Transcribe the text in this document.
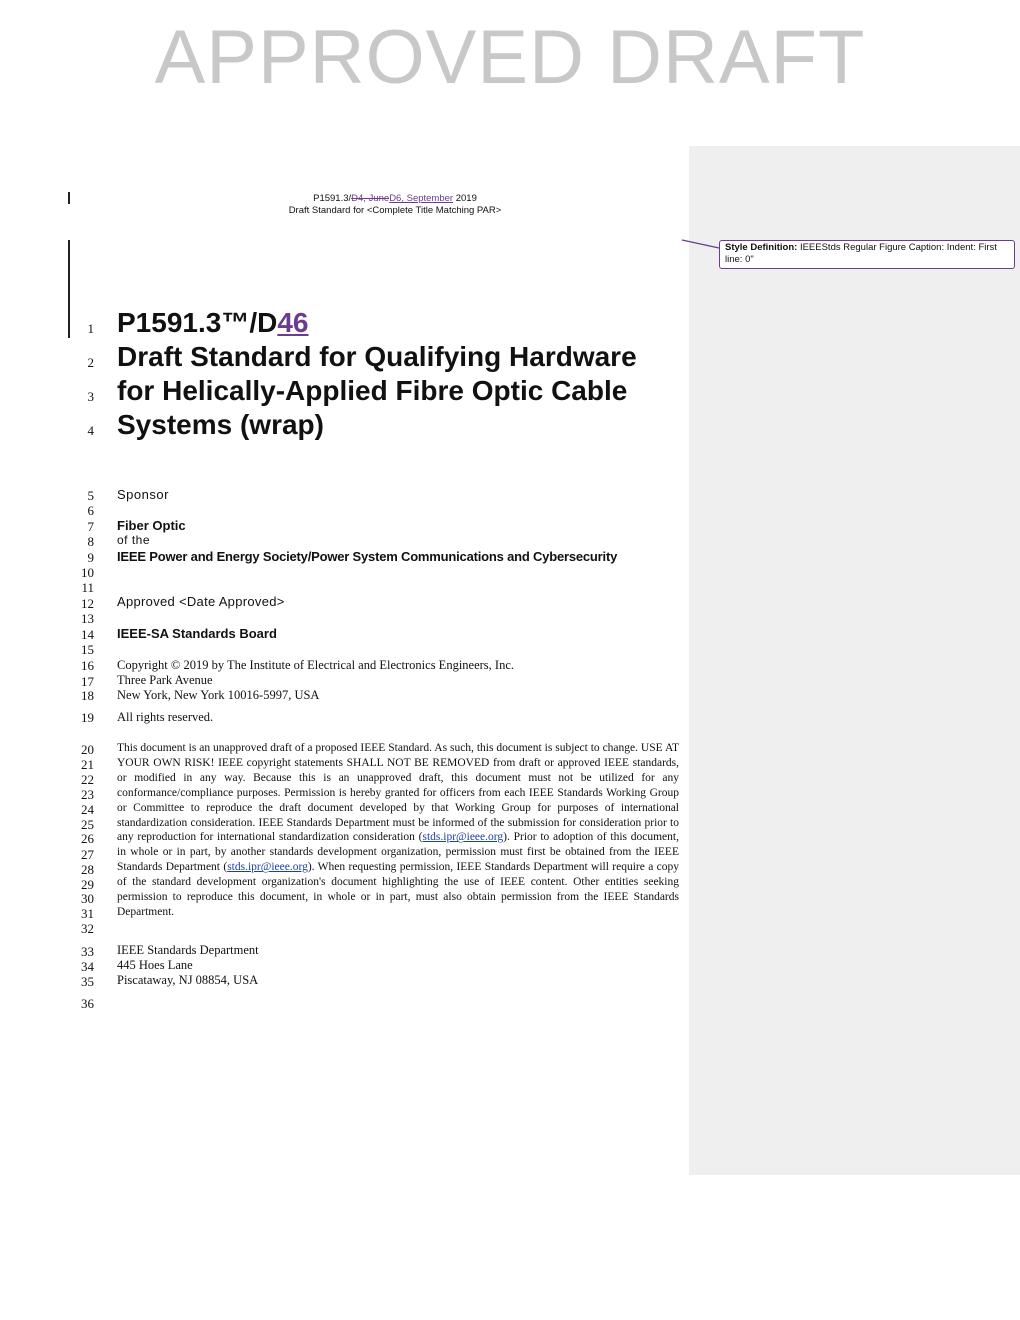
APPROVED DRAFT
Style Definition: IEEEStds Regular Figure Caption: Indent: First line: 0"
P1591.3/D4, JuneD6, September 2019
Draft Standard for <Complete Title Matching PAR>
1
2
3
4
5
6
7
8
9
10
11
12
13
14
15
16
17
18
19
20
21
22
23
24
25
26
27
28
29
30
31
32
33
34
35
36
P1591.3™/D46
Draft Standard for Qualifying Hardware
for Helically-Applied Fibre Optic Cable
Systems (wrap)
Sponsor
Fiber Optic
of the
IEEE Power and Energy Society/Power System Communications and Cybersecurity
Approved <Date Approved>
IEEE-SA Standards Board
Copyright © 2019 by The Institute of Electrical and Electronics Engineers, Inc.
Three Park Avenue
New York, New York 10016-5997, USA
All rights reserved.
This document is an unapproved draft of a proposed IEEE Standard. As such, this document is subject to change. USE AT YOUR OWN RISK! IEEE copyright statements SHALL NOT BE REMOVED from draft or approved IEEE standards, or modified in any way. Because this is an unapproved draft, this document must not be utilized for any conformance/compliance purposes. Permission is hereby granted for officers from each IEEE Standards Working Group or Committee to reproduce the draft document developed by that Working Group for purposes of international standardization consideration. IEEE Standards Department must be informed of the submission for consideration prior to any reproduction for international standardization consideration (stds.ipr@ieee.org). Prior to adoption of this document, in whole or in part, by another standards development organization, permission must first be obtained from the IEEE Standards Department (stds.ipr@ieee.org). When requesting permission, IEEE Standards Department will require a copy of the standard development organization's document highlighting the use of IEEE content. Other entities seeking permission to reproduce this document, in whole or in part, must also obtain permission from the IEEE Standards Department.
IEEE Standards Department
445 Hoes Lane
Piscataway, NJ 08854, USA
